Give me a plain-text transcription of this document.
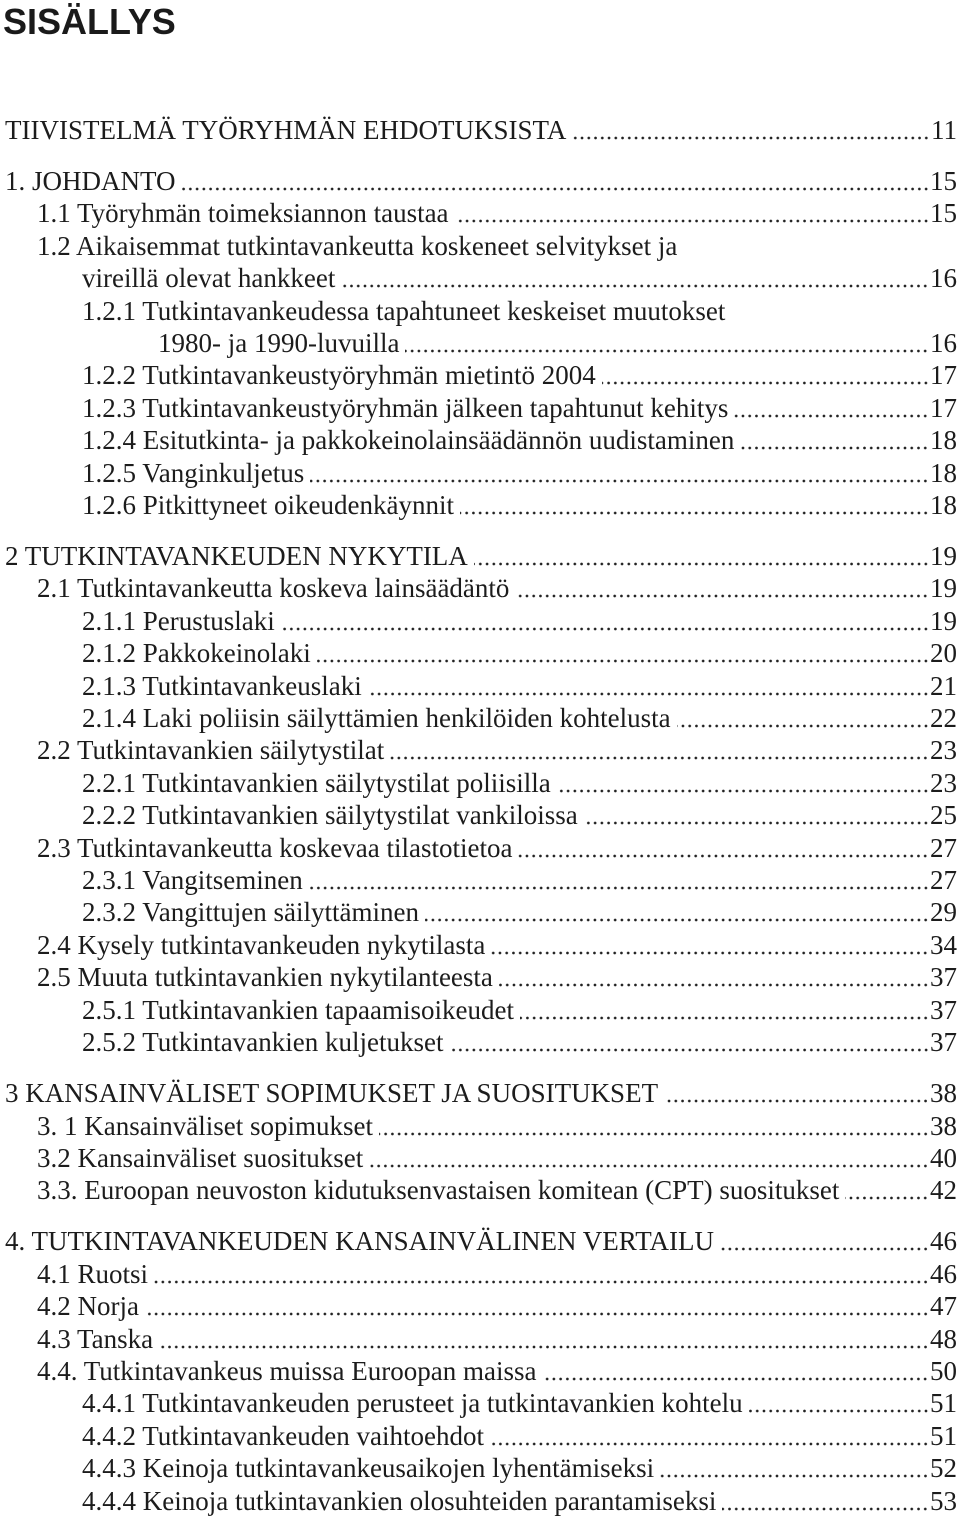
SISÄLLYS
TIIVISTELMÄ TYÖRYHMÄN EHDOTUKSISTA	11
1. JOHDANTO	15
1.1 Työryhmän toimeksiannon taustaa	15
1.2 Aikaisemmat tutkintavankeutta koskeneet selvitykset ja
vireillä olevat hankkeet	16
1.2.1 Tutkintavankeudessa tapahtuneet keskeiset muutokset
1980- ja 1990-luvuilla	16
1.2.2 Tutkintavankeustyöryhmän mietintö 2004	17
1.2.3 Tutkintavankeustyöryhmän jälkeen tapahtunut kehitys	17
1.2.4 Esitutkinta- ja pakkokeinolainsäädännön uudistaminen	18
1.2.5 Vanginkuljetus	18
1.2.6 Pitkittyneet oikeudenkäynnit	18
2 TUTKINTAVANKEUDEN NYKYTILA	19
2.1 Tutkintavankeutta koskeva lainsäädäntö	19
2.1.1 Perustuslaki	19
2.1.2 Pakkokeinolaki	20
2.1.3 Tutkintavankeuslaki	21
2.1.4 Laki poliisin säilyttämien henkilöiden kohtelusta	22
2.2 Tutkintavankien säilytystilat	23
2.2.1 Tutkintavankien säilytystilat poliisilla	23
2.2.2 Tutkintavankien säilytystilat vankiloissa	25
2.3 Tutkintavankeutta koskevaa tilastotietoa	27
2.3.1 Vangitseminen	27
2.3.2 Vangittujen säilyttäminen	29
2.4 Kysely tutkintavankeuden nykytilasta	34
2.5 Muuta tutkintavankien nykytilanteesta	37
2.5.1 Tutkintavankien tapaamisoikeudet	37
2.5.2 Tutkintavankien kuljetukset	37
3 KANSAINVÄLISET SOPIMUKSET JA SUOSITUKSET	38
3. 1 Kansainväliset sopimukset	38
3.2 Kansainväliset suositukset	40
3.3. Euroopan neuvoston kidutuksenvastaisen komitean (CPT) suositukset	42
4. TUTKINTAVANKEUDEN KANSAINVÄLINEN VERTAILU	46
4.1 Ruotsi	46
4.2 Norja	47
4.3 Tanska	48
4.4. Tutkintavankeus muissa Euroopan maissa	50
4.4.1 Tutkintavankeuden perusteet ja tutkintavankien kohtelu	51
4.4.2 Tutkintavankeuden vaihtoehdot	51
4.4.3 Keinoja tutkintavankeusaikojen lyhentämiseksi	52
4.4.4 Keinoja tutkintavankien olosuhteiden parantamiseksi	53
